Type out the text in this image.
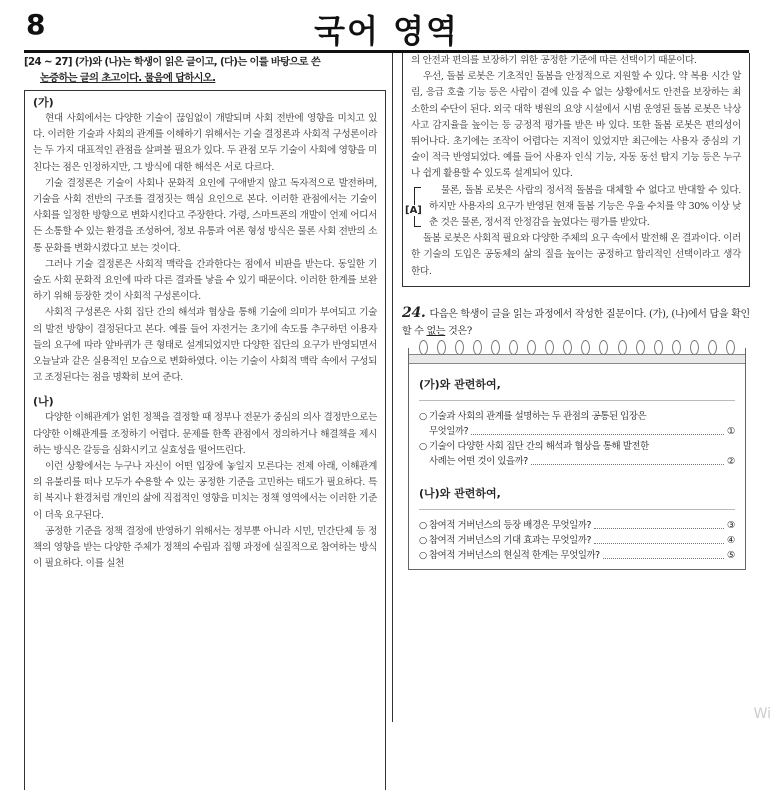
8	국어 영역
[24 ~ 27] (가)와 (나)는 학생이 읽은 글이고, (다)는 이를 바탕으로 쓴
논증하는 글의 초고이다. 물음에 답하시오.
(가)

현대 사회에서는 다양한 기술이 끊임없이 개발되며 사회 전반에 영향을 미치고 있다. 이러한 기술과 사회의 관계를 이해하기 위해서는 기술 결정론과 사회적 구성론이라는 두 가지 대표적인 관점을 살펴볼 필요가 있다. 두 관점 모두 기술이 사회에 영향을 미친다는 점은 인정하지만, 그 방식에 대한 해석은 서로 다르다.

기술 결정론은 기술이 사회나 문화적 요인에 구애받지 않고 독자적으로 발전하며, 기술을 사회 전반의 구조를 결정짓는 핵심 요인으로 본다. 이러한 관점에서는 기술이 사회를 일정한 방향으로 변화시킨다고 주장한다. 가령, 스마트폰의 개발이 언제 어디서든 소통할 수 있는 환경을 조성하여, 정보 유통과 여론 형성 방식은 물론 사회 전반의 소통 문화를 변화시켰다고 보는 것이다.

그러나 기술 결정론은 사회적 맥락을 간과한다는 점에서 비판을 받는다. 동일한 기술도 사회 문화적 요인에 따라 다른 결과를 낳을 수 있기 때문이다. 이러한 한계를 보완하기 위해 등장한 것이 사회적 구성론이다.

사회적 구성론은 사회 집단 간의 해석과 협상을 통해 기술에 의미가 부여되고 기술의 발전 방향이 결정된다고 본다. 예를 들어 자전거는 초기에 속도를 추구하던 이용자들의 요구에 따라 앞바퀴가 큰 형태로 설계되었지만 다양한 집단의 요구가 반영되면서 오늘날과 같은 실용적인 모습으로 변화하였다. 이는 기술이 사회적 맥락 속에서 구성되고 조정된다는 점을 명확히 보여 준다.

(나)

다양한 이해관계가 얽힌 정책을 결정할 때 정부나 전문가 중심의 의사 결정만으로는 다양한 이해관계를 조정하기 어렵다. 문제를 한쪽 관점에서 정의하거나 해결책을 제시하는 방식은 갈등을 심화시키고 실효성을 떨어뜨린다.

이런 상황에서는 누구나 자신이 어떤 입장에 놓일지 모른다는 전제 아래, 이해관계의 유불리를 떠나 모두가 수용할 수 있는 공정한 기준을 고민하는 태도가 필요하다. 특히 복지나 환경처럼 개인의 삶에 직접적인 영향을 미치는 정책 영역에서는 이러한 기준이 더욱 요구된다.

공정한 기준을 정책 결정에 반영하기 위해서는 정부뿐 아니라 시민, 민간단체 등 정책의 영향을 받는 다양한 주체가 정책의 수립과 집행 과정에 실질적으로 참여하는 방식이 필요하다. 이를 실천

의 안전과 편의를 보장하기 위한 공정한 기준에 따른 선택이기 때문이다.

우선, 돌봄 로봇은 기초적인 돌봄을 안정적으로 지원할 수 있다. 약 복용 시간 알림, 응급 호출 기능 등은 사람이 곁에 있을 수 없는 상황에서도 안전을 보장하는 최소한의 수단이 된다. 외국 대학 병원의 요양 시설에서 시범 운영된 돌봄 로봇은 낙상 사고 감지율을 높이는 등 긍정적 평가를 받은 바 있다. 또한 돌봄 로봇은 편의성이 뛰어나다. 초기에는 조작이 어렵다는 지적이 있었지만 최근에는 사용자 중심의 기술이 적극 반영되었다. 예를 들어 사용자 인식 기능, 자동 동선 탐지 기능 등은 누구나 쉽게 활용할 수 있도록 설계되어 있다.

[A]

물론, 돌봄 로봇은 사람의 정서적 돌봄을 대체할 수 없다고 반대할 수 있다. 하지만 사용자의 요구가 반영된 현재 돌봄 기능은 우울 수치를 약 30% 이상 낮춘 것은 물론, 정서적 안정감을 높였다는 평가를 받았다.

돌봄 로봇은 사회적 필요와 다양한 주체의 요구 속에서 발전해 온 결과이다. 이러한 기술의 도입은 공동체의 삶의 질을 높이는 공정하고 합리적인 선택이라고 생각한다.

24. 다음은 학생이 글을 읽는 과정에서 작성한 질문이다. (가), (나)에서 답을 확인할 수 없는 것은?
(가)와 관련하여,
○ 기술과 사회의 관계를 설명하는 두 관점의 공통된 입장은
무엇일까?	①
○ 기술이 다양한 사회 집단 간의 해석과 협상을 통해 발전한
사례는 어떤 것이 있을까?	②
(나)와 관련하여,
○ 참여적 거버넌스의 등장 배경은 무엇일까?	③
○ 참여적 거버넌스의 기대 효과는 무엇일까?	④
○ 참여적 거버넌스의 현실적 한계는 무엇일까?	⑤
Wi
